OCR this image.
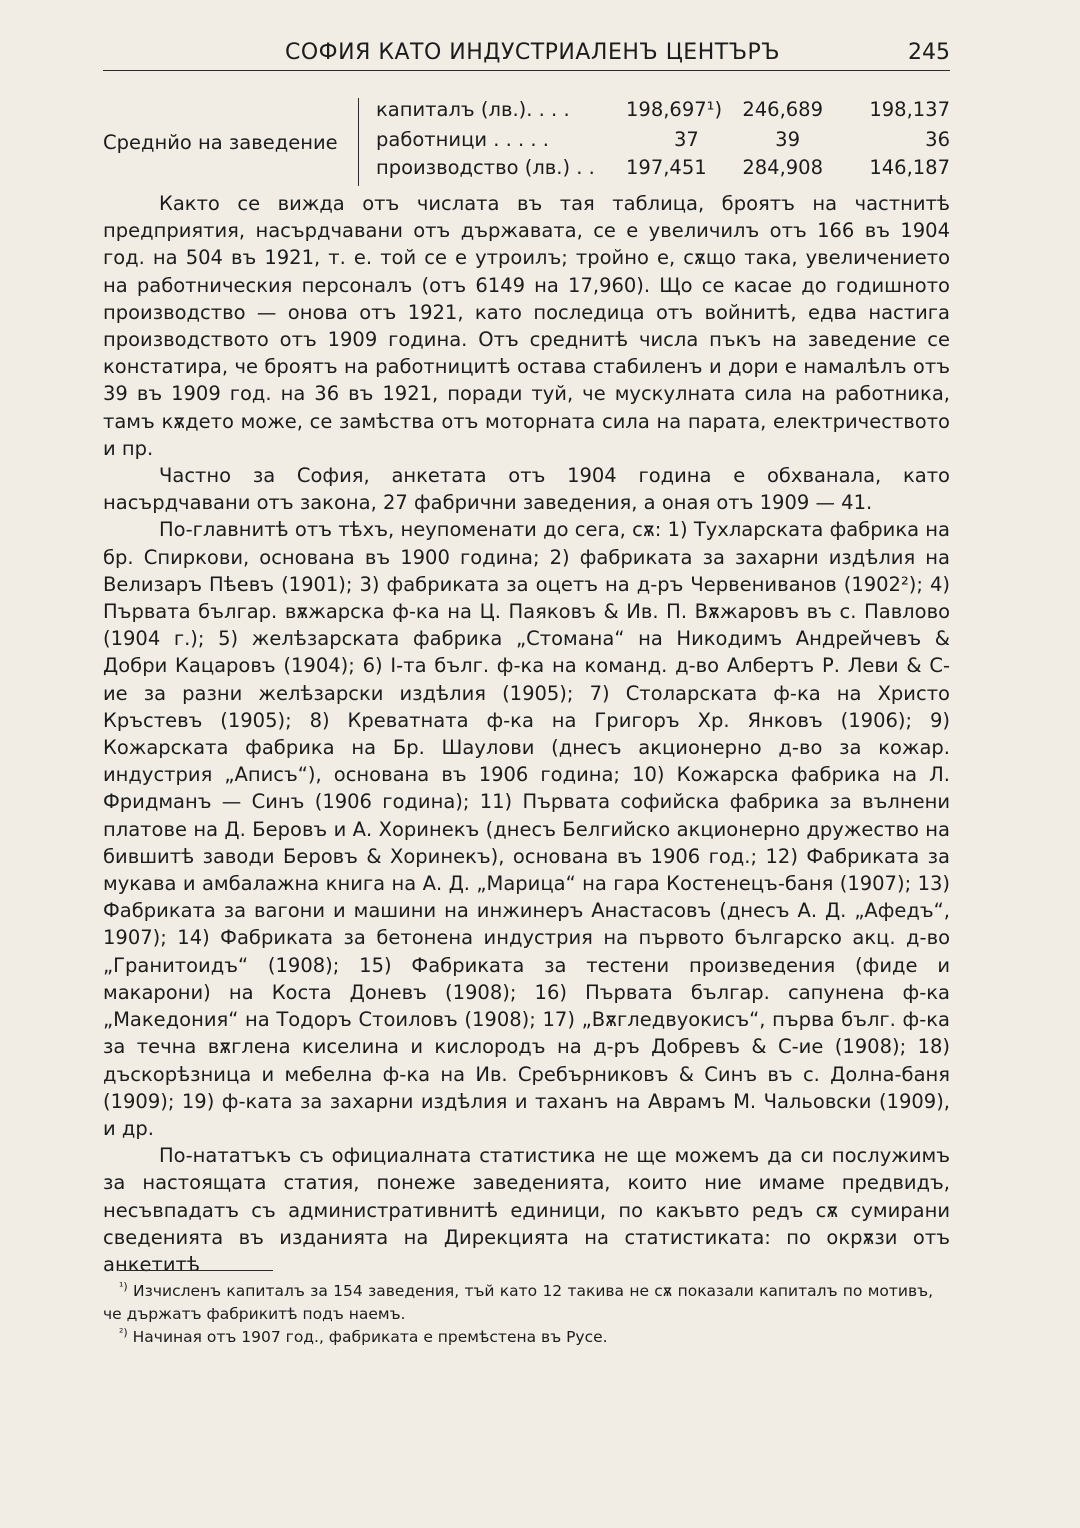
СОФИЯ КАТО ИНДУСТРИАЛЕНЪ ЦЕНТЪРЪ	245
Среднйо на заведение
капиталъ (лв.). . . .	198,697¹) 246,689 198,137
работници . . . . .	37	39	36
производство (лв.) . . 197,451 284,908 146,187

Както се вижда отъ числата въ тая таблица, броятъ на частнитѣ предприятия, насърдчавани отъ държавата, се е увеличилъ отъ 166 въ 1904 год. на 504 въ 1921, т. е. той се е утроилъ; тройно е, сѫщо така, увеличението на работническия персоналъ (отъ 6149 на 17,960). Що се касае до годишното производство — онова отъ 1921, като последица отъ войнитѣ, едва настига производството отъ 1909 година. Отъ среднитѣ числа пъкъ на заведение се констатира, че броятъ на работницитѣ остава стабиленъ и дори е намалѣлъ отъ 39 въ 1909 год. на 36 въ 1921, поради туй, че мускулната сила на работника, тамъ кѫдето може, се замѣства отъ моторната сила на парата, електричеството и пр.

Частно за София, анкетата отъ 1904 година е обхванала, като насърдчавани отъ закона, 27 фабрични заведения, а оная отъ 1909 — 41.

По-главнитѣ отъ тѣхъ, неупоменати до сега, сѫ: 1) Тухларската фабрика на бр. Спиркови, основана въ 1900 година; 2) фабриката за захарни издѣлия на Велизаръ Пѣевъ (1901); 3) фабриката за оцетъ на д-ръ Червениванов (1902²); 4) Първата българ. вѫжарска ф-ка на Ц. Паяковъ & Ив. П. Вѫжаровъ въ с. Павлово (1904 г.); 5) желѣзарската фабрика „Стомана“ на Никодимъ Андрейчевъ & Добри Кацаровъ (1904); 6) I-та бълг. ф-ка на команд. д-во Албертъ Р. Леви & С-ие за разни желѣзарски издѣлия (1905); 7) Столарската ф-ка на Христо Кръстевъ (1905); 8) Креватната ф-ка на Григоръ Хр. Янковъ (1906); 9) Кожарската фабрика на Бр. Шаулови (днесъ акционерно д-во за кожар. индустрия „Аписъ“), основана въ 1906 година; 10) Кожарска фабрика на Л. Фридманъ — Синъ (1906 година); 11) Първата софийска фабрика за вълнени платове на Д. Беровъ и А. Хоринекъ (днесъ Белгийско акционерно дружество на бившитѣ заводи Беровъ & Хоринекъ), основана въ 1906 год.; 12) Фабриката за мукава и амбалажна книга на А. Д. „Марица“ на гара Костенецъ-баня (1907); 13) Фабриката за вагони и машини на инжинеръ Анастасовъ (днесъ А. Д. „Афедъ“, 1907); 14) Фабриката за бетонена индустрия на първото българско акц. д-во „Гранитоидъ“ (1908); 15) Фабриката за тестени произведения (фиде и макарони) на Коста Доневъ (1908); 16) Първата българ. сапунена ф-ка „Македония“ на Тодоръ Стоиловъ (1908); 17) „Вѫгледвуокисъ“, първа бълг. ф-ка за течна вѫглена киселина и кислородъ на д-ръ Добревъ & С-ие (1908); 18) дъскорѣзница и мебелна ф-ка на Ив. Сребърниковъ & Синъ въ с. Долна-баня (1909); 19) ф-ката за захарни издѣлия и таханъ на Аврамъ М. Чальовски (1909), и др.

По-нататъкъ съ официалната статистика не ще можемъ да си послужимъ за настоящата статия, понеже заведенията, които ние имаме предвидъ, несъвпадатъ съ административнитѣ единици, по какъвто редъ сѫ сумирани сведенията въ изданията на Дирекцията на статистиката: по окрѫзи отъ анкетитѣ

$^{^1)}$ Изчисленъ капиталъ за 154 заведения, тъй като 12 такива не сѫ показали капиталъ по мотивъ, че държатъ фабрикитѣ подъ наемъ.

$^{^2)}$ Начиная отъ 1907 год., фабриката е премѣстена въ Русе.
